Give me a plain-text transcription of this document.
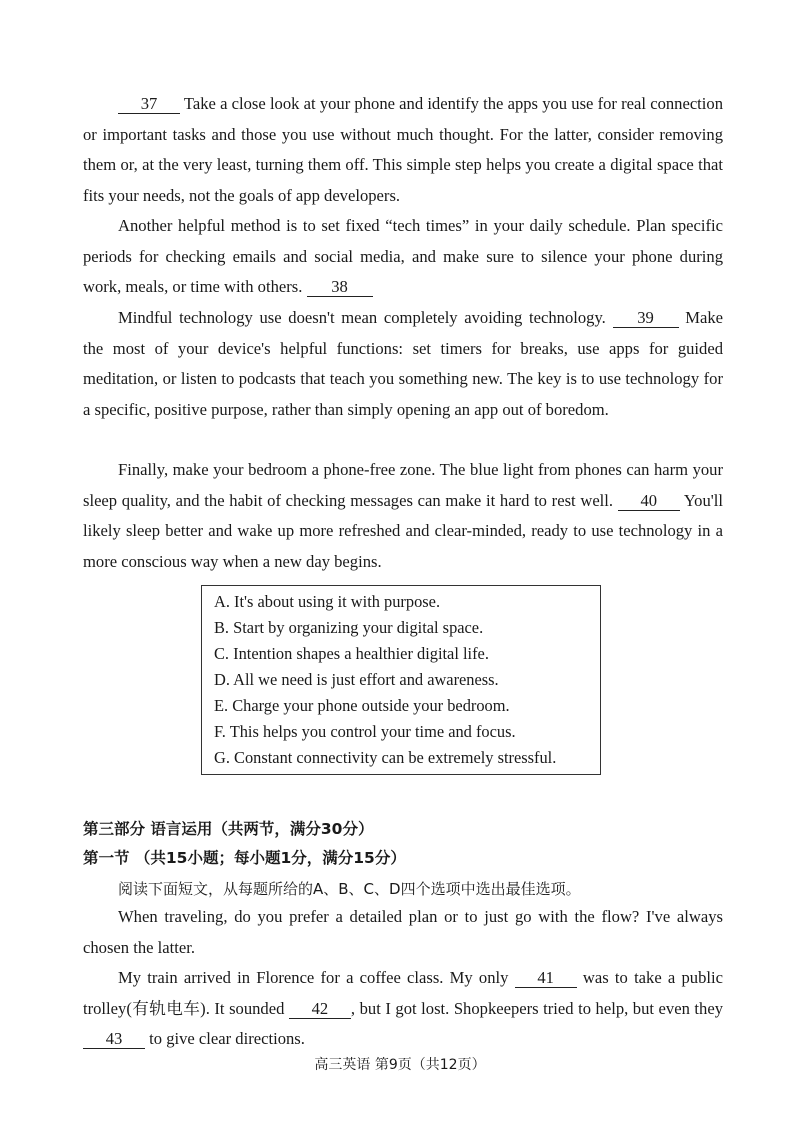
37 Take a close look at your phone and identify the apps you use for real connection or important tasks and those you use without much thought. For the latter, consider removing them or, at the very least, turning them off. This simple step helps you create a digital space that fits your needs, not the goals of app developers.

Another helpful method is to set fixed “tech times” in your daily schedule. Plan specific periods for checking emails and social media, and make sure to silence your phone during work, meals, or time with others. 38

Mindful technology use doesn't mean completely avoiding technology. 39 Make the most of your device's helpful functions: set timers for breaks, use apps for guided meditation, or listen to podcasts that teach you something new. The key is to use technology for a specific, positive purpose, rather than simply opening an app out of boredom.

Finally, make your bedroom a phone-free zone. The blue light from phones can harm your sleep quality, and the habit of checking messages can make it hard to rest well. 40 You'll likely sleep better and wake up more refreshed and clear-minded, ready to use technology in a more conscious way when a new day begins.

A. It's about using it with purpose.
B. Start by organizing your digital space.
C. Intention shapes a healthier digital life.
D. All we need is just effort and awareness.
E. Charge your phone outside your bedroom.
F. This helps you control your time and focus.
G. Constant connectivity can be extremely stressful.
第三部分 语言运用（共两节，满分30分）
第一节 （共15小题；每小题1分，满分15分）
阅读下面短文，从每题所给的A、B、C、D四个选项中选出最佳选项。

When traveling, do you prefer a detailed plan or to just go with the flow? I've always chosen the latter.

My train arrived in Florence for a coffee class. My only 41 was to take a public trolley(有轨电车). It sounded 42 , but I got lost. Shopkeepers tried to help, but even they 43 to give clear directions.

高三英语 第9页（共12页）
